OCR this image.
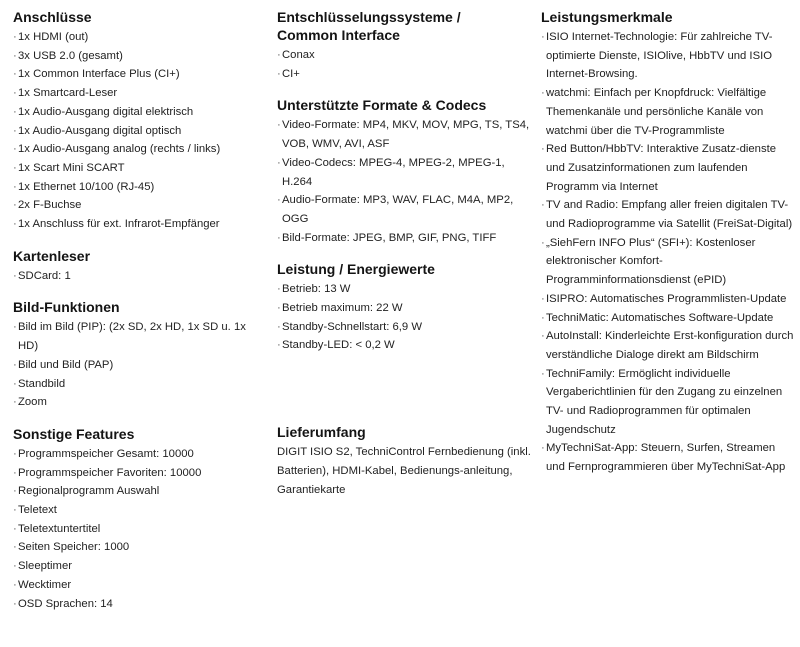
Anschlüsse
· 1x HDMI (out)
· 3x USB 2.0 (gesamt)
· 1x Common Interface Plus (CI+)
· 1x Smartcard-Leser
· 1x Audio-Ausgang digital elektrisch
· 1x Audio-Ausgang digital optisch
· 1x Audio-Ausgang analog (rechts / links)
· 1x Scart Mini SCART
· 1x Ethernet 10/100 (RJ-45)
· 2x F-Buchse
· 1x Anschluss für ext. Infrarot-Empfänger
Kartenleser
· SDCard: 1
Bild-Funktionen
· Bild im Bild (PIP): (2x SD, 2x HD, 1x SD u. 1x HD)
· Bild und Bild (PAP)
· Standbild
· Zoom
Sonstige Features
· Programmspeicher Gesamt: 10000
· Programmspeicher Favoriten: 10000
· Regionalprogramm Auswahl
· Teletext
· Teletextuntertitel
· Seiten Speicher: 1000
· Sleeptimer
· Wecktimer
· OSD Sprachen: 14
Entschlüsselungssysteme /
Common Interface
· Conax
· CI+
Unterstützte Formate & Codecs
· Video-Formate: MP4, MKV, MOV, MPG, TS, TS4, VOB, WMV, AVI, ASF
· Video-Codecs: MPEG-4, MPEG-2, MPEG-1, H.264
· Audio-Formate: MP3, WAV, FLAC, M4A, MP2, OGG
· Bild-Formate: JPEG, BMP, GIF, PNG, TIFF
Leistung / Energiewerte
· Betrieb: 13 W
· Betrieb maximum: 22 W
· Standby-Schnellstart: 6,9 W
· Standby-LED: < 0,2 W
Lieferumfang

DIGIT ISIO S2, TechniControl Fernbedienung (inkl. Batterien), HDMI-Kabel, Bedienungs-anleitung, Garantiekarte

Leistungsmerkmale
· ISIO Internet-Technologie: Für zahlreiche TV-optimierte Dienste, ISIOlive, HbbTV und ISIO Internet-Browsing.
· watchmi: Einfach per Knopfdruck: Vielfältige Themenkanäle und persönliche Kanäle von watchmi über die TV-Programmliste
· Red Button/HbbTV: Interaktive Zusatz-dienste und Zusatzinformationen zum laufenden Programm via Internet
· TV and Radio: Empfang aller freien digitalen TV- und Radioprogramme via Satellit (FreiSat-Digital)
· „SiehFern INFO Plus“ (SFI+): Kostenloser elektronischer Komfort-Programminformationsdienst (ePID)
· ISIPRO: Automatisches Programmlisten-Update
· TechniMatic: Automatisches Software-Update
· AutoInstall: Kinderleichte Erst-konfiguration durch verständliche Dialoge direkt am Bildschirm
· TechniFamily: Ermöglicht individuelle Vergaberichtlinien für den Zugang zu einzelnen TV- und Radioprogrammen für optimalen Jugendschutz
· MyTechniSat-App: Steuern, Surfen, Streamen und Fernprogrammieren über MyTechniSat-App
